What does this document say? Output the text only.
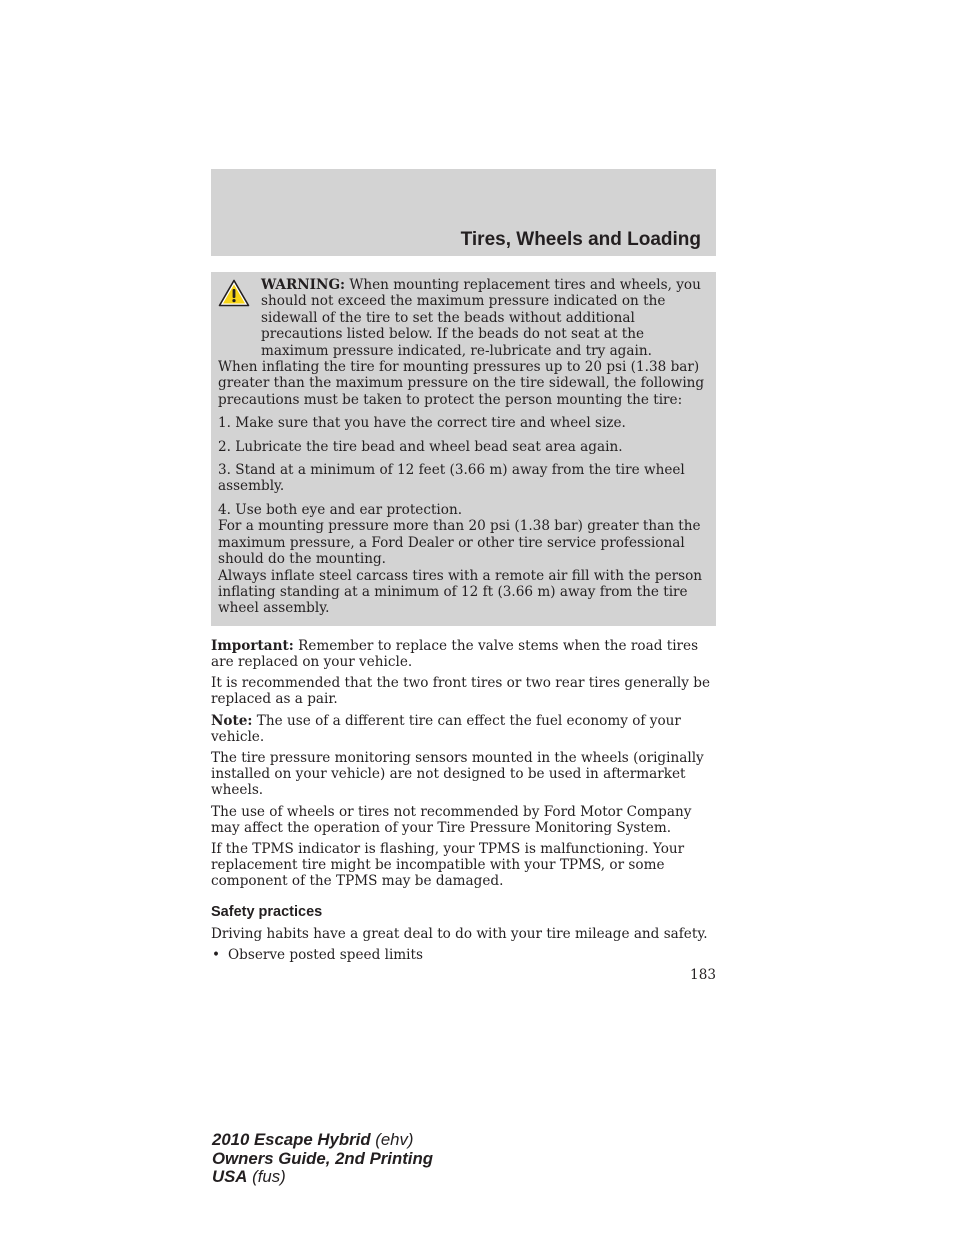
Tires, Wheels and Loading
WARNING: When mounting replacement tires and wheels, you should not exceed the maximum pressure indicated on the sidewall of the tire to set the beads without additional precautions listed below. If the beads do not seat at the maximum pressure indicated, re-lubricate and try again.

When inflating the tire for mounting pressures up to 20 psi (1.38 bar) greater than the maximum pressure on the tire sidewall, the following precautions must be taken to protect the person mounting the tire:

1. Make sure that you have the correct tire and wheel size.
2. Lubricate the tire bead and wheel bead seat area again.
3. Stand at a minimum of 12 feet (3.66 m) away from the tire wheel assembly.
4. Use both eye and ear protection.

For a mounting pressure more than 20 psi (1.38 bar) greater than the maximum pressure, a Ford Dealer or other tire service professional should do the mounting.

Always inflate steel carcass tires with a remote air fill with the person inflating standing at a minimum of 12 ft (3.66 m) away from the tire wheel assembly.

Important: Remember to replace the valve stems when the road tires are replaced on your vehicle.

It is recommended that the two front tires or two rear tires generally be replaced as a pair.

Note: The use of a different tire can effect the fuel economy of your vehicle.

The tire pressure monitoring sensors mounted in the wheels (originally installed on your vehicle) are not designed to be used in aftermarket wheels.

The use of wheels or tires not recommended by Ford Motor Company may affect the operation of your Tire Pressure Monitoring System.

If the TPMS indicator is flashing, your TPMS is malfunctioning. Your replacement tire might be incompatible with your TPMS, or some component of the TPMS may be damaged.

Safety practices

Driving habits have a great deal to do with your tire mileage and safety.

• Observe posted speed limits

183
2010 Escape Hybrid (ehv)
Owners Guide, 2nd Printing
USA (fus)
